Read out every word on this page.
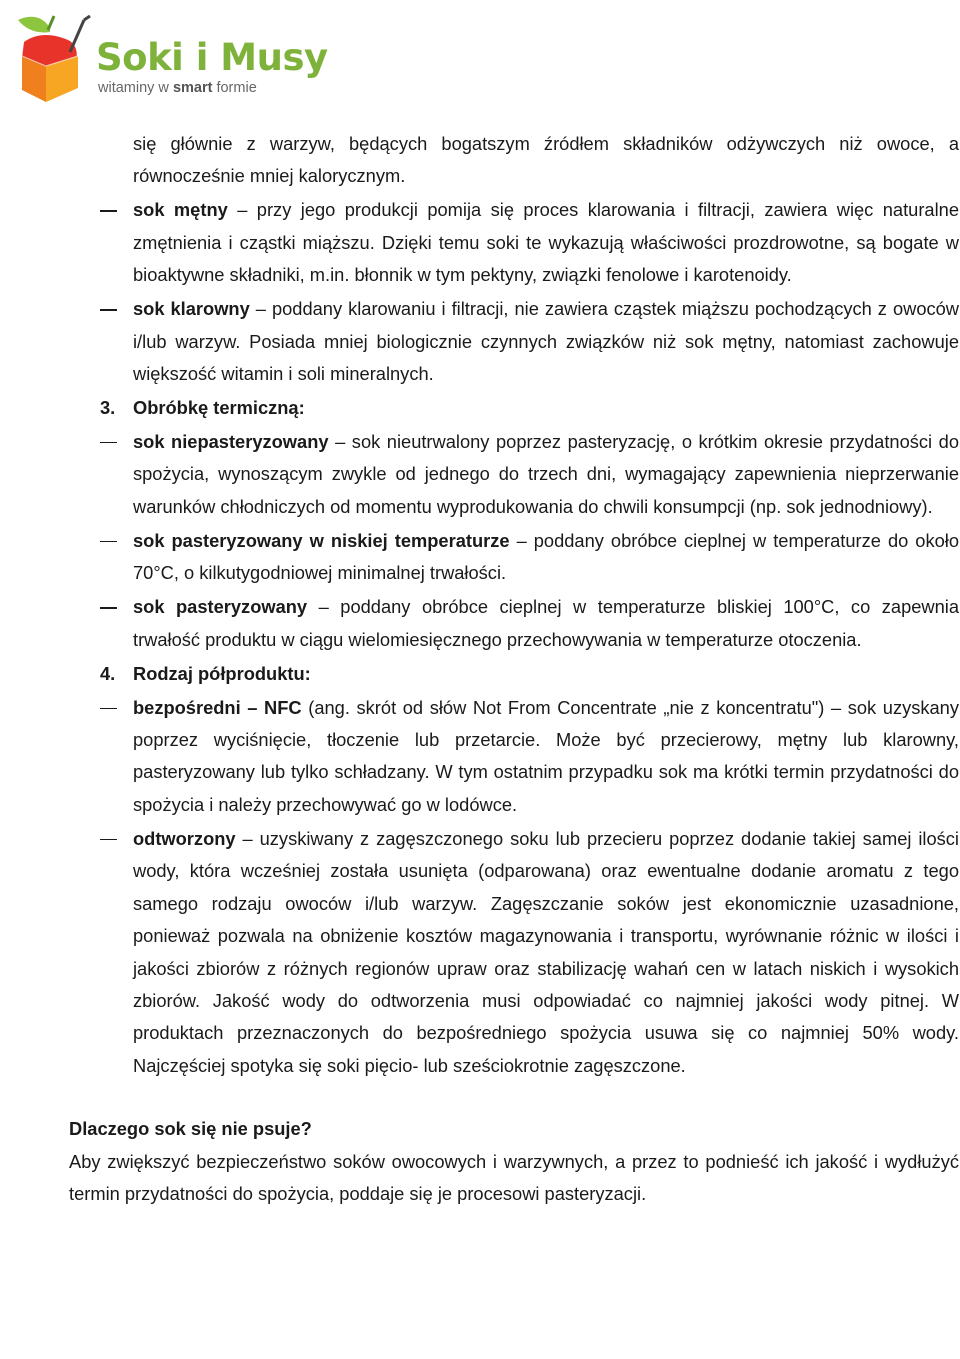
Soki i Musy
witaminy w smart formie
się głównie z warzyw, będących bogatszym źródłem składników odżywczych niż owoce, a równocześnie mniej kalorycznym.
sok mętny – przy jego produkcji pomija się proces klarowania i filtracji, zawiera więc naturalne zmętnienia i cząstki miąższu. Dzięki temu soki te wykazują właściwości prozdrowotne, są bogate w bioaktywne składniki, m.in. błonnik w tym pektyny, związki fenolowe i karotenoidy.
sok klarowny – poddany klarowaniu i filtracji, nie zawiera cząstek miąższu pochodzących z owoców i/lub warzyw. Posiada mniej biologicznie czynnych związków niż sok mętny, natomiast zachowuje większość witamin i soli mineralnych.
3. Obróbkę termiczną:
sok niepasteryzowany – sok nieutrwalony poprzez pasteryzację, o krótkim okresie przydatności do spożycia, wynoszącym zwykle od jednego do trzech dni, wymagający zapewnienia nieprzerwanie warunków chłodniczych od momentu wyprodukowania do chwili konsumpcji (np. sok jednodniowy).
sok pasteryzowany w niskiej temperaturze – poddany obróbce cieplnej w temperaturze do około 70°C, o kilkutygodniowej minimalnej trwałości.
sok pasteryzowany – poddany obróbce cieplnej w temperaturze bliskiej 100°C, co zapewnia trwałość produktu w ciągu wielomiesięcznego przechowywania w temperaturze otoczenia.
4. Rodzaj półproduktu:
bezpośredni – NFC (ang. skrót od słów Not From Concentrate „nie z koncentratu") – sok uzyskany poprzez wyciśnięcie, tłoczenie lub przetarcie. Może być przecierowy, mętny lub klarowny, pasteryzowany lub tylko schładzany. W tym ostatnim przypadku sok ma krótki termin przydatności do spożycia i należy przechowywać go w lodówce.
odtworzony – uzyskiwany z zagęszczonego soku lub przecieru poprzez dodanie takiej samej ilości wody, która wcześniej została usunięta (odparowana) oraz ewentualne dodanie aromatu z tego samego rodzaju owoców i/lub warzyw. Zagęszczanie soków jest ekonomicznie uzasadnione, ponieważ pozwala na obniżenie kosztów magazynowania i transportu, wyrównanie różnic w ilości i jakości zbiorów z różnych regionów upraw oraz stabilizację wahań cen w latach niskich i wysokich zbiorów. Jakość wody do odtworzenia musi odpowiadać co najmniej jakości wody pitnej. W produktach przeznaczonych do bezpośredniego spożycia usuwa się co najmniej 50% wody. Najczęściej spotyka się soki pięcio- lub sześciokrotnie zagęszczone.
Dlaczego sok się nie psuje?
Aby zwiększyć bezpieczeństwo soków owocowych i warzywnych, a przez to podnieść ich jakość i wydłużyć termin przydatności do spożycia, poddaje się je procesowi pasteryzacji.
